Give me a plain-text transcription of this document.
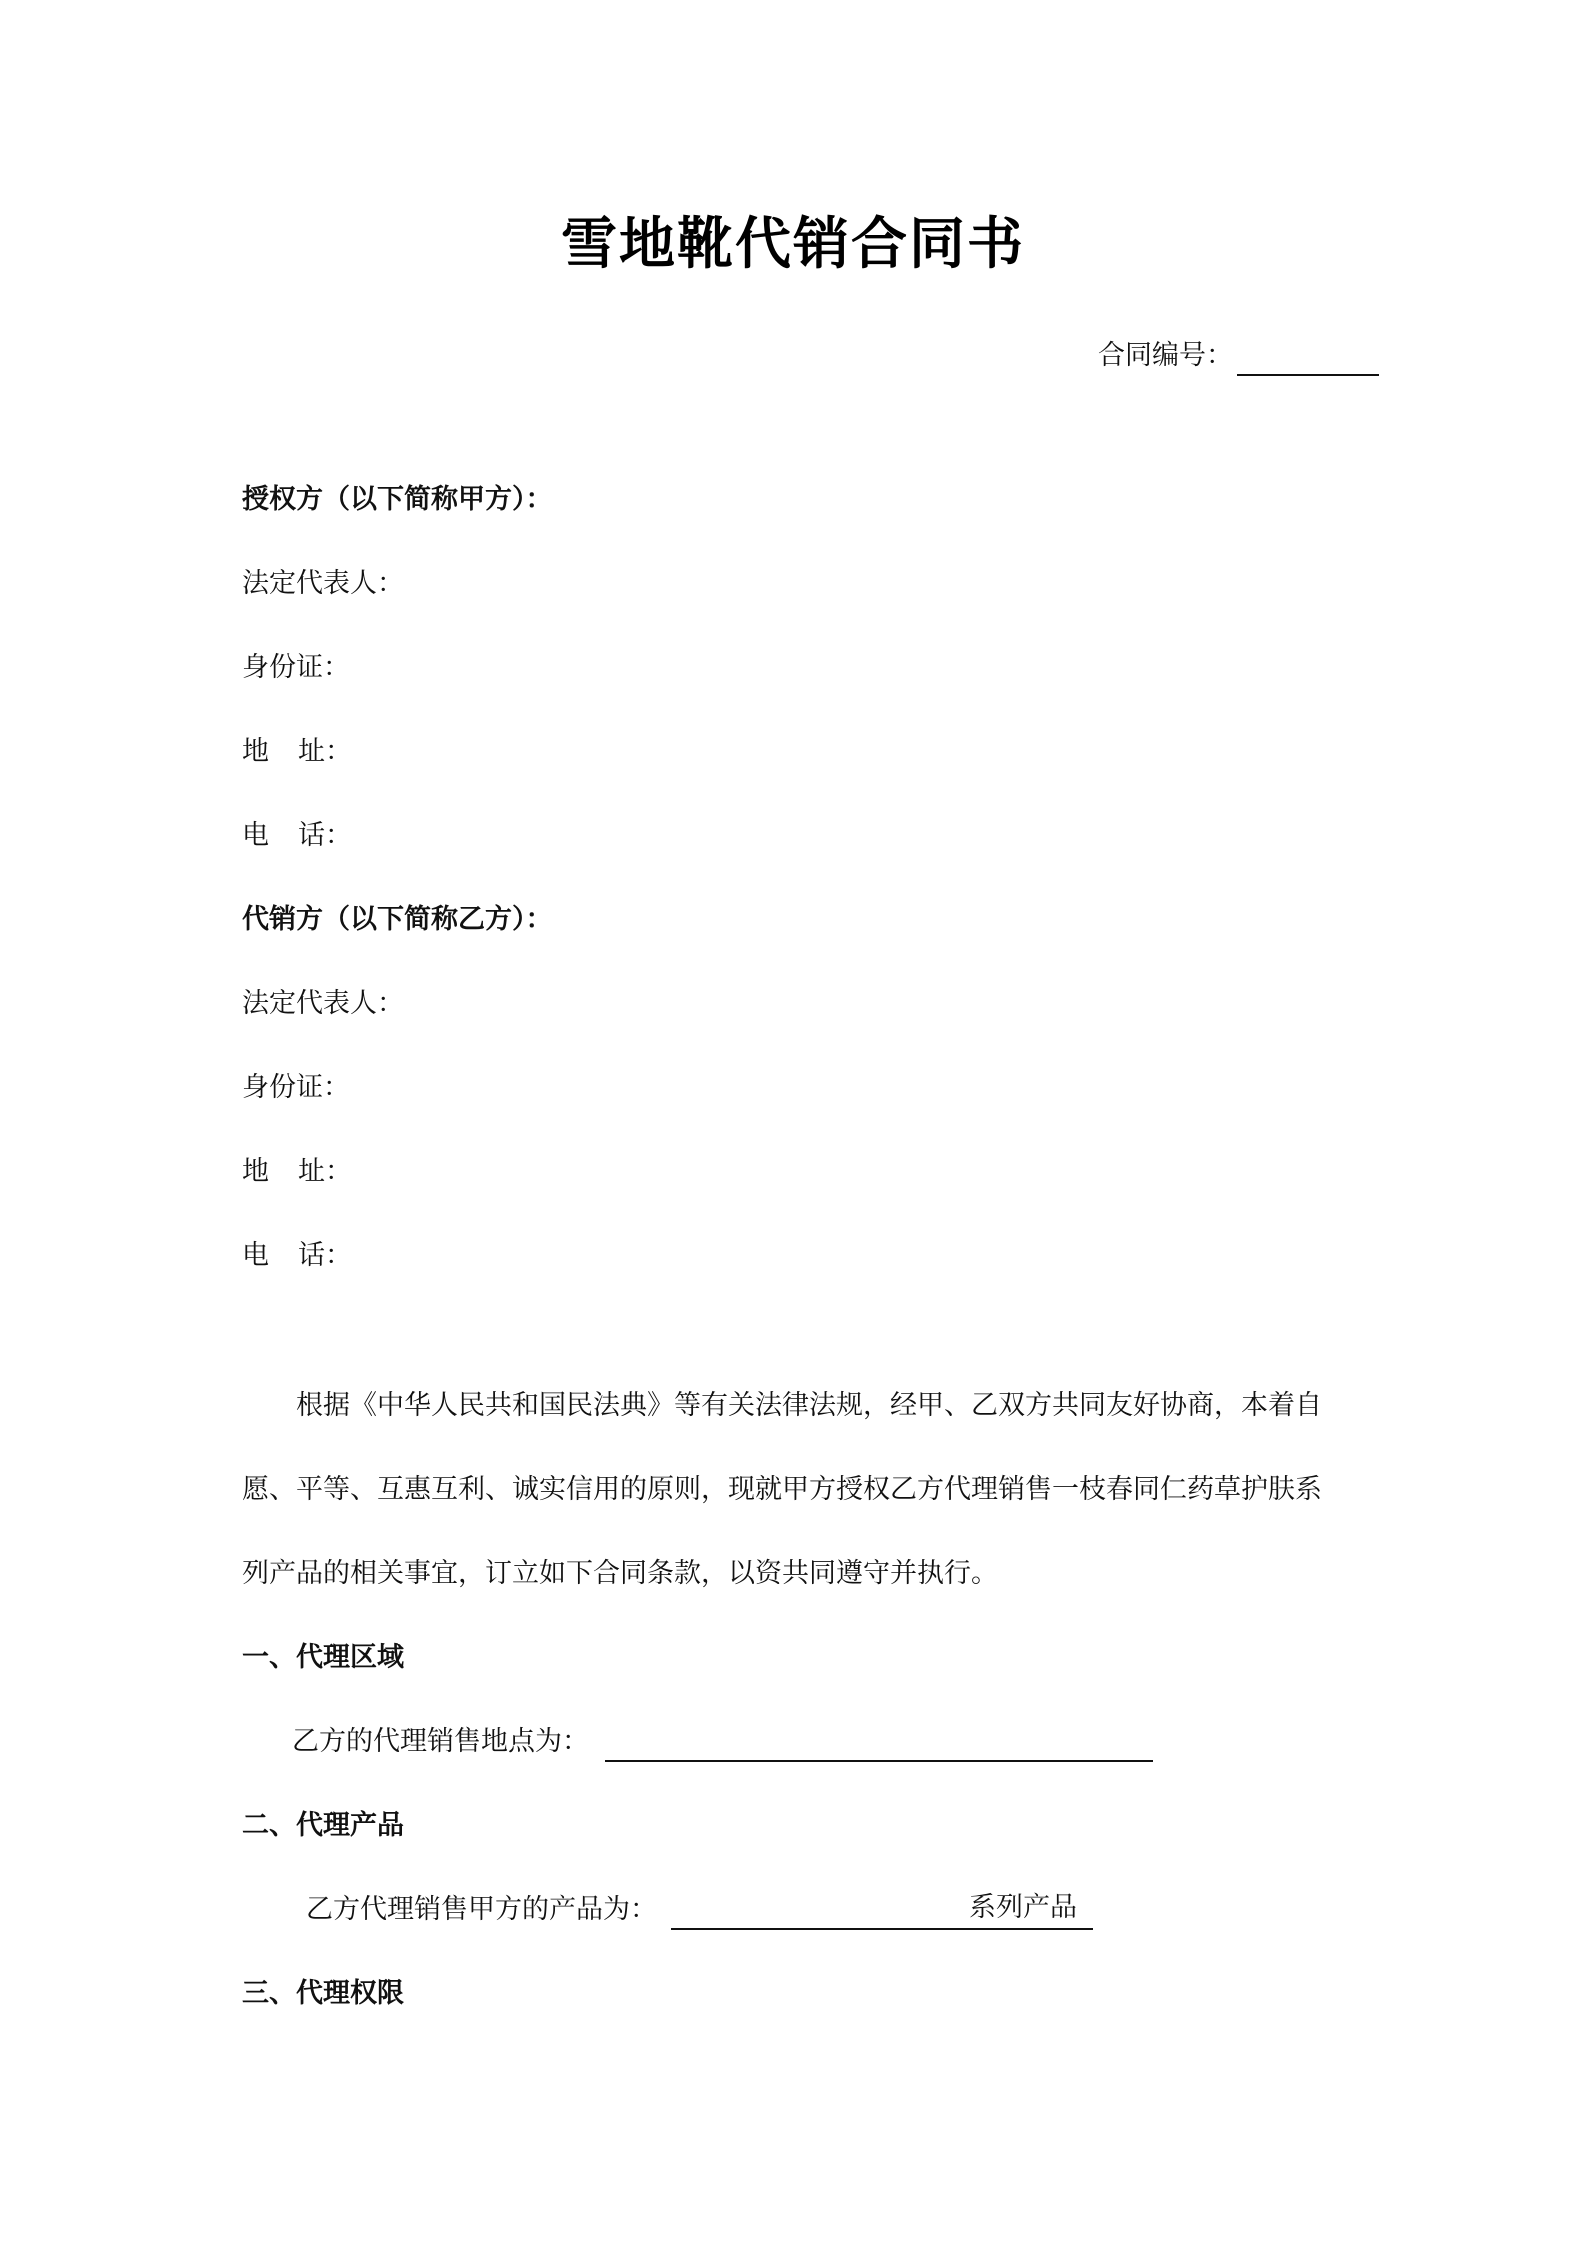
雪地靴代销合同书
合同编号：
授权方（以下简称甲方）：
法定代表人：
身份证：
地 址：
电 话：
代销方（以下简称乙方）：
法定代表人：
身份证：
地 址：
电 话：
根据《中华人民共和国民法典》等有关法律法规，经甲、乙双方共同友好协商，本着自
愿、平等、互惠互利、诚实信用的原则，现就甲方授权乙方代理销售一枝春同仁药草护肤系
列产品的相关事宜，订立如下合同条款，以资共同遵守并执行。
一、代理区域
乙方的代理销售地点为：
二、代理产品
乙方代理销售甲方的产品为：	系列产品
三、代理权限
